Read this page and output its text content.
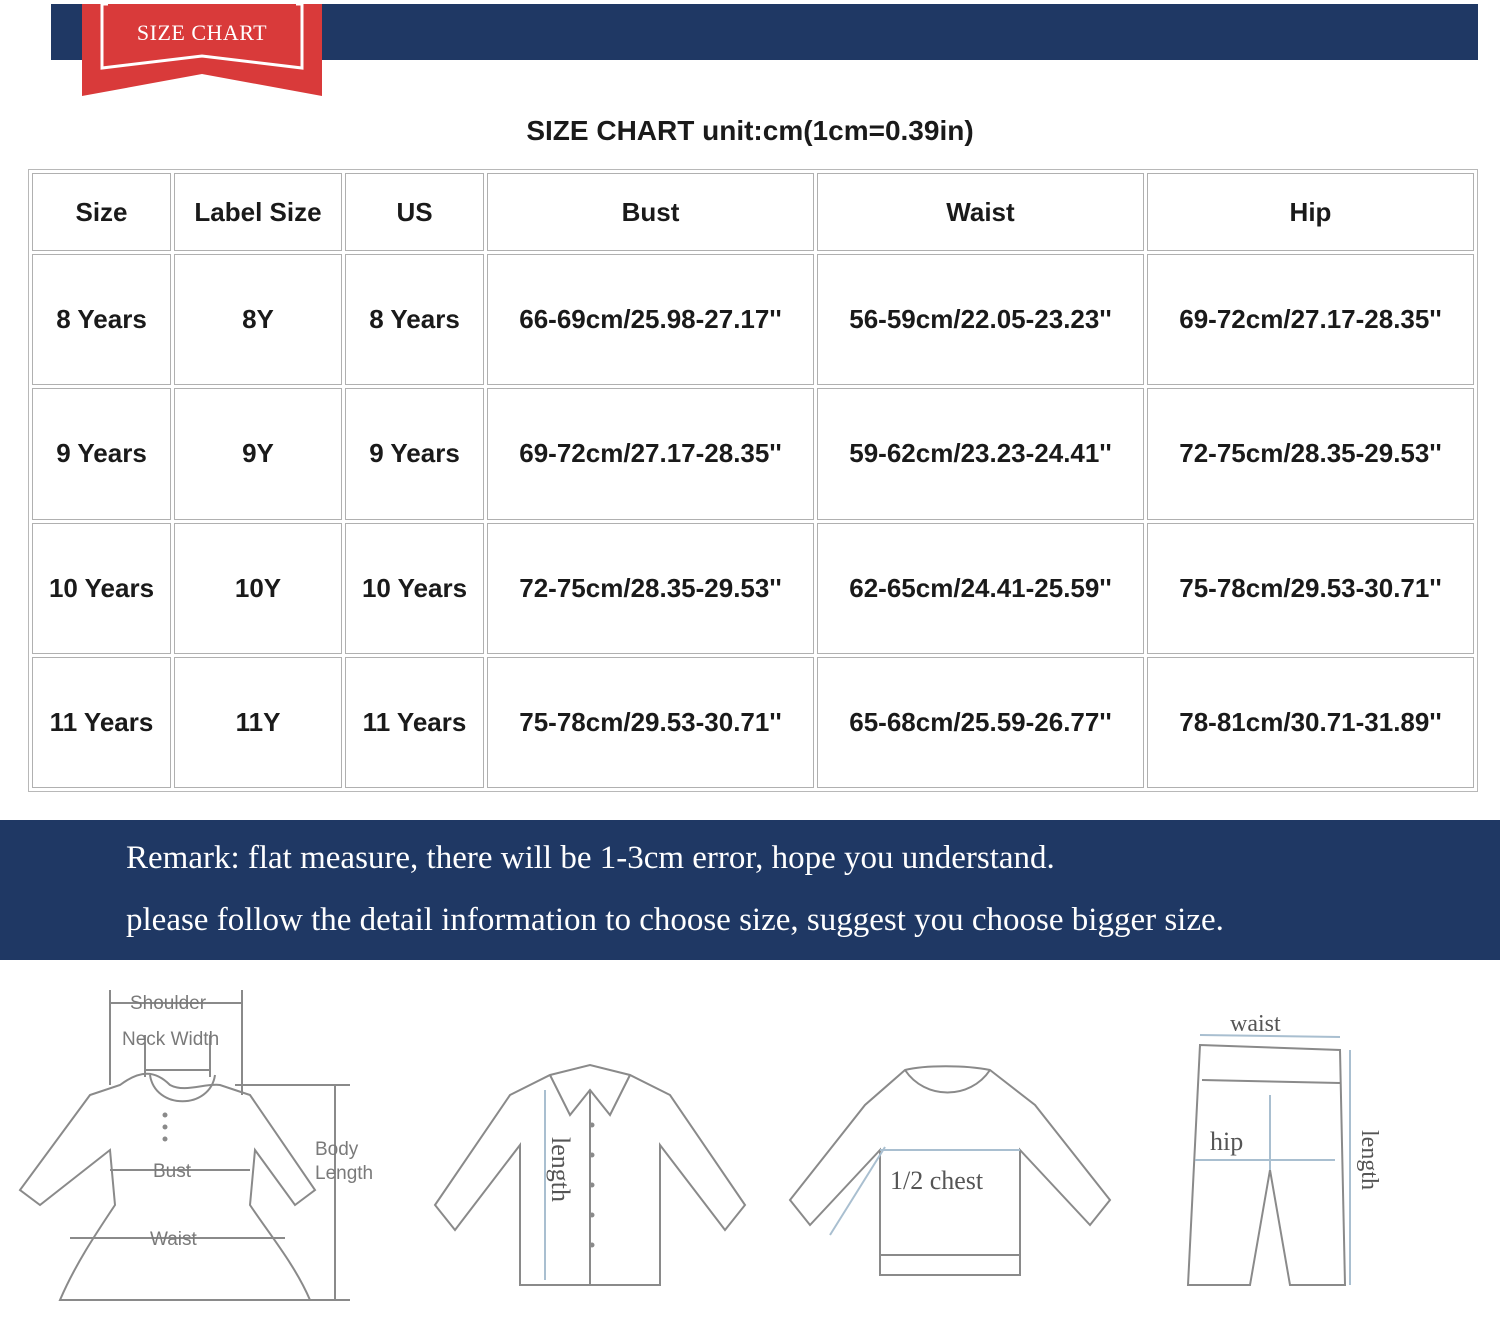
SIZE CHART
SIZE CHART unit:cm(1cm=0.39in)
Size	Label Size	US	Bust	Waist	Hip
8 Years	8Y	8 Years	66-69cm/25.98-27.17''	56-59cm/22.05-23.23''	69-72cm/27.17-28.35''
9 Years	9Y	9 Years	69-72cm/27.17-28.35''	59-62cm/23.23-24.41''	72-75cm/28.35-29.53''
10 Years	10Y	10 Years	72-75cm/28.35-29.53''	62-65cm/24.41-25.59''	75-78cm/29.53-30.71''
11 Years	11Y	11 Years	75-78cm/29.53-30.71''	65-68cm/25.59-26.77''	78-81cm/30.71-31.89''
Remark: flat measure, there will be 1-3cm error, hope you understand.
please follow the detail information to choose size, suggest you choose bigger size.
Shoulder
Neck Width
Bust
Waist
Body
Length	length	1/2 chest
waist
hip	length
